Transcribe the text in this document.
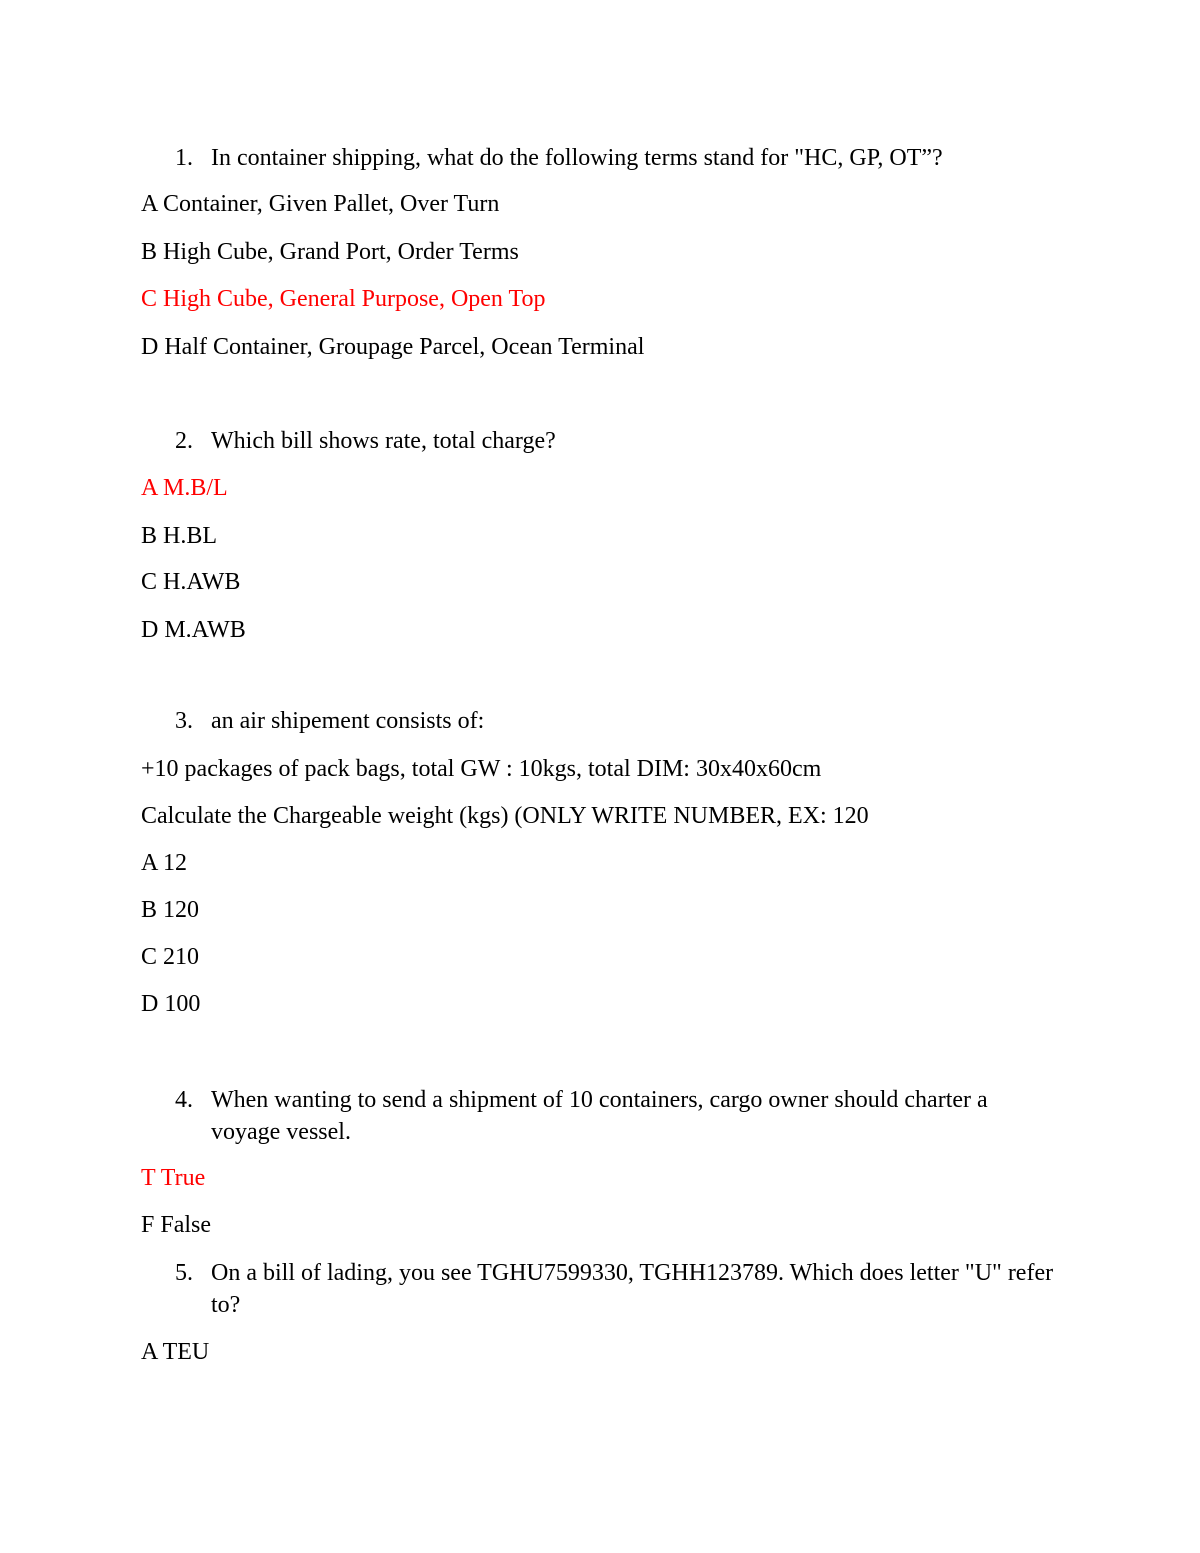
1. In container shipping, what do the following terms stand for "HC, GP, OT”?
A Container, Given Pallet, Over Turn
B High Cube, Grand Port, Order Terms
C High Cube, General Purpose, Open Top
D Half Container, Groupage Parcel, Ocean Terminal
2. Which bill shows rate, total charge?
A M.B/L
B H.BL
C H.AWB
D M.AWB
3. an air shipement consists of:
+10 packages of pack bags, total GW : 10kgs, total DIM: 30x40x60cm
Calculate the Chargeable weight (kgs) (ONLY WRITE NUMBER, EX: 120
A 12
B 120
C 210
D 100
4. When wanting to send a shipment of 10 containers, cargo owner should charter a voyage vessel.
T True
F False
5. On a bill of lading, you see TGHU7599330, TGHH123789. Which does letter "U" refer to?
A TEU
